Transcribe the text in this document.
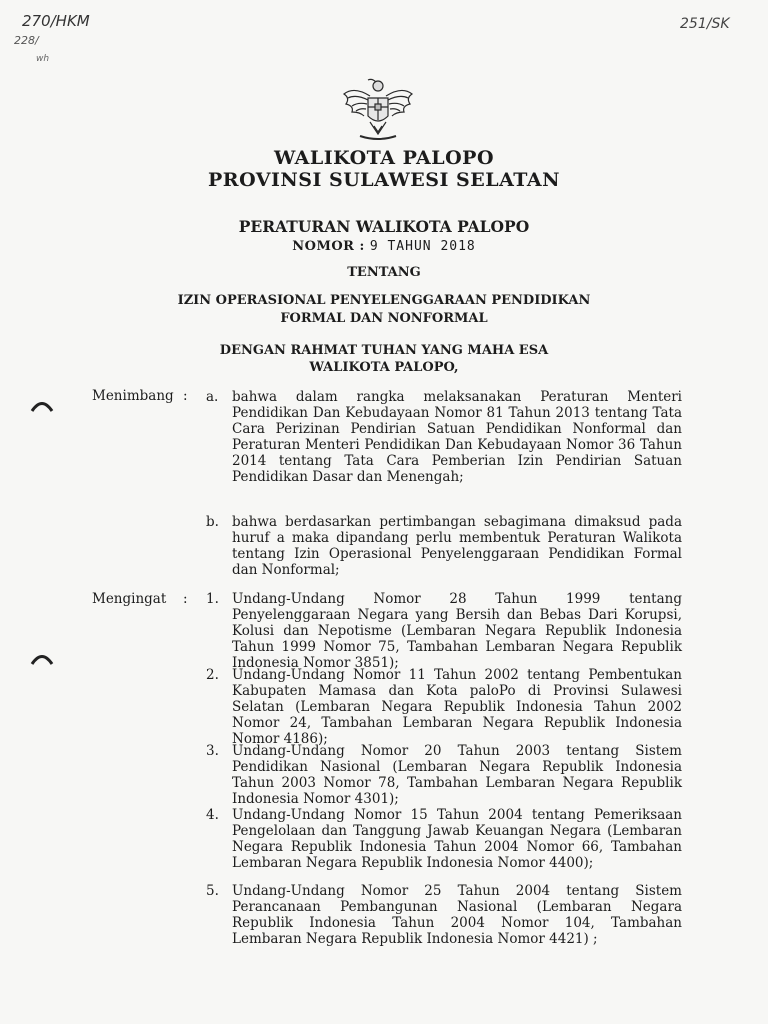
270/HKM
228/
wh
251/SK
WALIKOTA PALOPO
PROVINSI SULAWESI SELATAN
PERATURAN WALIKOTA PALOPO
NOMOR : 9 TAHUN 2018
TENTANG
IZIN OPERASIONAL PENYELENGGARAAN PENDIDIKAN
FORMAL DAN NONFORMAL
DENGAN RAHMAT TUHAN YANG MAHA ESA
WALIKOTA PALOPO,
Menimbang : a. bahwa dalam rangka melaksanakan Peraturan Menteri Pendidikan Dan Kebudayaan Nomor 81 Tahun 2013 tentang Tata Cara Perizinan Pendirian Satuan Pendidikan Nonformal dan Peraturan Menteri Pendidikan Dan Kebudayaan Nomor 36 Tahun 2014 tentang Tata Cara Pemberian Izin Pendirian Satuan Pendidikan Dasar dan Menengah;
b. bahwa berdasarkan pertimbangan sebagimana dimaksud pada huruf a maka dipandang perlu membentuk Peraturan Walikota tentang Izin Operasional Penyelenggaraan Pendidikan Formal dan Nonformal;
Mengingat : 1. Undang-Undang Nomor 28 Tahun 1999 tentang Penyelenggaraan Negara yang Bersih dan Bebas Dari Korupsi, Kolusi dan Nepotisme (Lembaran Negara Republik Indonesia Tahun 1999 Nomor 75, Tambahan Lembaran Negara Republik Indonesia Nomor 3851);
2. Undang-Undang Nomor 11 Tahun 2002 tentang Pembentukan Kabupaten Mamasa dan Kota paloPo di Provinsi Sulawesi Selatan (Lembaran Negara Republik Indonesia Tahun 2002 Nomor 24, Tambahan Lembaran Negara Republik Indonesia Nomor 4186);
3. Undang-Undang Nomor 20 Tahun 2003 tentang Sistem Pendidikan Nasional (Lembaran Negara Republik Indonesia Tahun 2003 Nomor 78, Tambahan Lembaran Negara Republik Indonesia Nomor 4301);
4. Undang-Undang Nomor 15 Tahun 2004 tentang Pemeriksaan Pengelolaan dan Tanggung Jawab Keuangan Negara (Lembaran Negara Republik Indonesia Tahun 2004 Nomor 66, Tambahan Lembaran Negara Republik Indonesia Nomor 4400);
5. Undang-Undang Nomor 25 Tahun 2004 tentang Sistem Perancanaan Pembangunan Nasional (Lembaran Negara Republik Indonesia Tahun 2004 Nomor 104, Tambahan Lembaran Negara Republik Indonesia Nomor 4421) ;
